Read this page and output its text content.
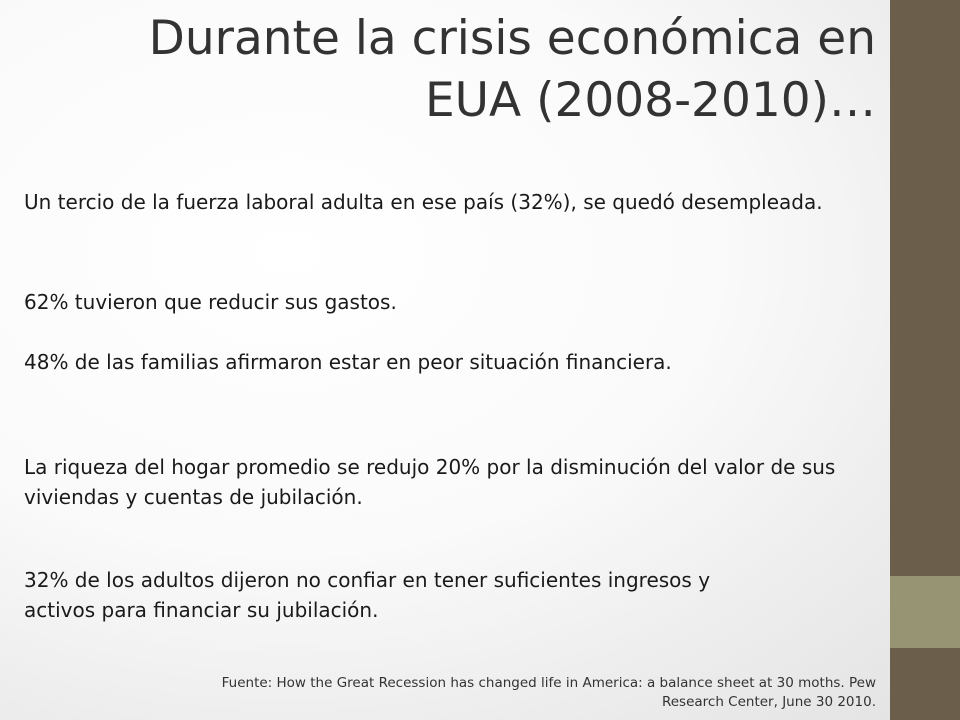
Durante la crisis económica en EUA (2008-2010)…

Un tercio de la fuerza laboral adulta en ese país (32%), se quedó desempleada.

62% tuvieron que reducir sus gastos.

48% de las familias afirmaron estar en peor situación financiera.

La riqueza del hogar promedio se redujo 20% por la disminución del valor de sus viviendas y cuentas de jubilación.

32% de los adultos dijeron no confiar en tener suficientes ingresos y activos para financiar su jubilación.

Fuente: How the Great Recession has changed life in America: a balance sheet at 30 moths. Pew Research Center, June 30 2010.
